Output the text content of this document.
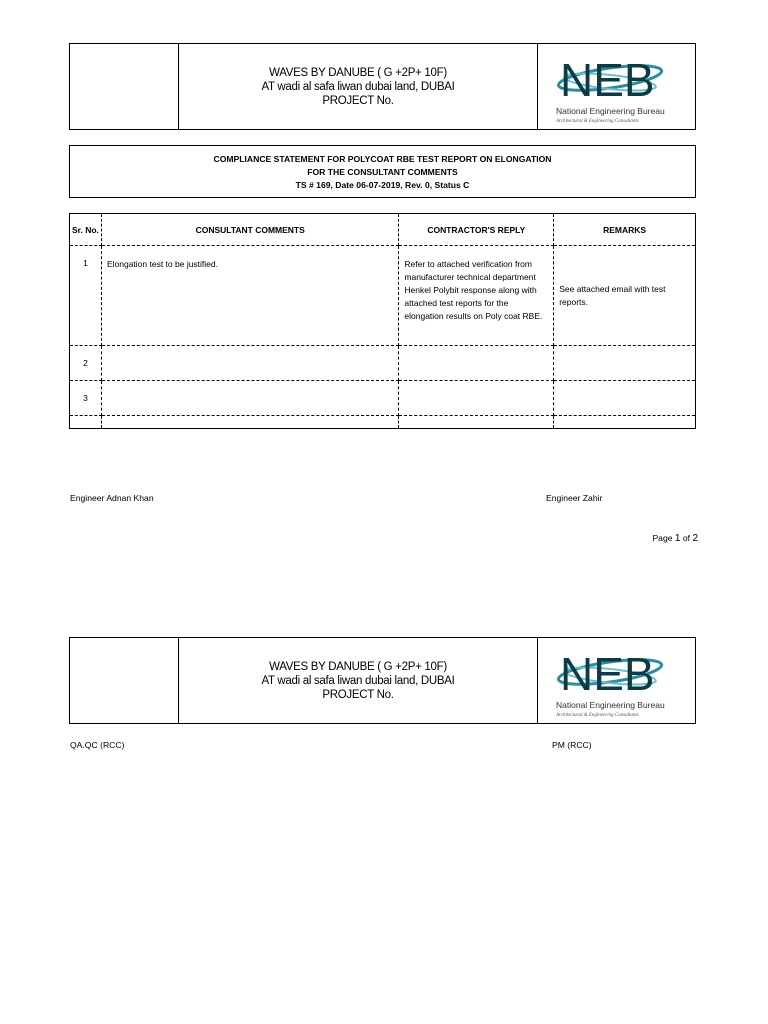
WAVES BY DANUBE ( G +2P+ 10F)
AT wadi al safa liwan dubai land, DUBAI
PROJECT No.	NEB
National Engineering Bureau
Architectural & Engineering Consultants
COMPLIANCE STATEMENT FOR POLYCOAT RBE TEST REPORT ON ELONGATION
FOR THE CONSULTANT COMMENTS
TS # 169, Date 06-07-2019, Rev. 0, Status C
Sr. No.	CONSULTANT COMMENTS	CONTRACTOR'S REPLY	REMARKS
1	Elongation test to be justified.	Refer to attached verification from manufacturer technical department Henkel Polybit response along with attached test reports for the elongation results on Poly coat RBE.	See attached email with test reports.
2			
3			

Engineer Adnan Khan	Engineer Zahir
Page 1 of 2
WAVES BY DANUBE ( G +2P+ 10F)
AT wadi al safa liwan dubai land, DUBAI
PROJECT No.	NEB
National Engineering Bureau
Architectural & Engineering Consultants
QA.QC (RCC)	PM (RCC)
